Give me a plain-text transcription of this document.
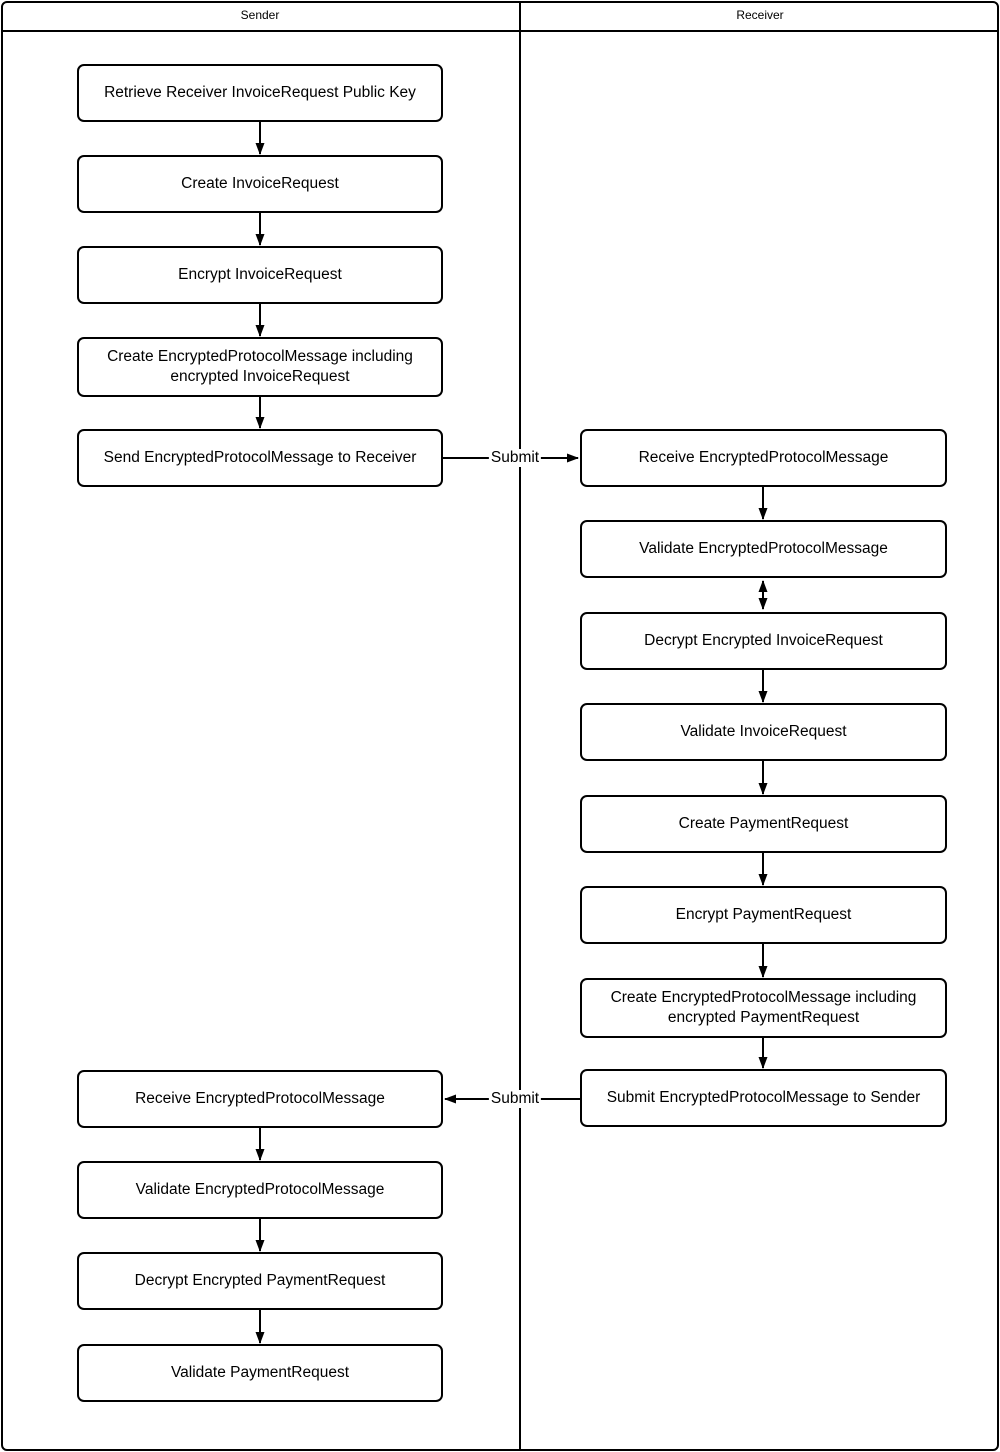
Sender	Receiver
Submit
Submit
Retrieve Receiver InvoiceRequest Public Key
Create InvoiceRequest
Encrypt InvoiceRequest
Create EncryptedProtocolMessage including encrypted InvoiceRequest
Send EncryptedProtocolMessage to Receiver
Receive EncryptedProtocolMessage
Validate EncryptedProtocolMessage
Decrypt Encrypted PaymentRequest
Validate PaymentRequest
Receive EncryptedProtocolMessage
Validate EncryptedProtocolMessage
Decrypt Encrypted InvoiceRequest
Validate InvoiceRequest
Create PaymentRequest
Encrypt PaymentRequest
Create EncryptedProtocolMessage including encrypted PaymentRequest
Submit EncryptedProtocolMessage to Sender
